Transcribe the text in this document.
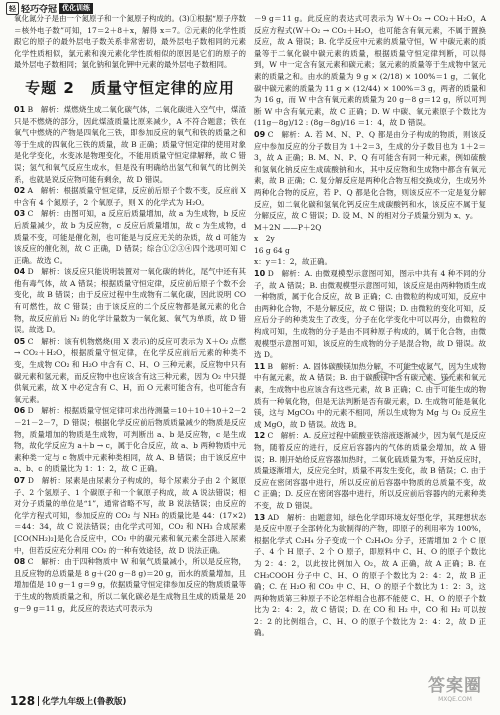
轻 轻巧夺冠 优化训练

氧化氮分子是由一个氮原子和一个氮原子构成的。(3)①根据“原子序数＝核外电子数”可知，17＝2＋8＋x，解得 x＝7。②元素的化学性质跟它的原子的最外层电子数关系非常密切，最外层电子数相同的元素化学性质相似，氯元素和溴元素化学性质相似的原因是它们的原子的最外层电子数相同；氯化钠和氯化钾中元素的最外层电子数相同。

专题 2　质量守恒定律的应用

01 B　解析：煤燃烧生成二氧化碳气体，二氧化碳进入空气中，煤渣只是不燃烧的部分，因此煤渣质量比原来减少，A 不符合题意；铁在氧气中燃烧的产物是四氧化三铁，即参加反应的氧气和铁的质量之和等于生成的四氧化三铁的质量，故 B 正确；质量守恒定律的使用对象是化学变化，水变冰是物理变化，不能用质量守恒定律解释，故 C 错误；氢气和氧气反应生成水，但是没有明确给出氢气和氧气的比例关系，也就是说反应物可能有剩余，故 D 错误。

02 A　解析：根据质量守恒定律，反应前后原子个数不变，反应前 X 中含有 4 个氮原子，2 个氧原子，则 X 的化学式为 H₂O。

03 C　解析：由图可知，a 反应后质量增加，故 a 为生成物，b 反应后质量减少，故 b 为反应物，c 反应后质量增加，故 c 为生成物，d 质量不变，可能是催化剂，也可能是与反应无关的杂质，故 d 可能为该反应的催化剂，故 C 正确，D 错误；综合①②③④四个选项可知 C 正确。故选 C。

04 D　解析：该反应只能说明装置对一氧化碳的转化，尾气中还有其他有毒气体，故 A 错误；根据质量守恒定律，反应前后原子个数不会变化，故 B 错误；由于反应过程中生成物有二氧化碳，因此说明 CO 有可燃性，故 C 错误；由于该反应的二个反应物都是氮元素的化合物，故反应前后 N₂ 的化学计量数为一氧化氮、氧气为单质，故 D 错误。故选 D。

05 C　解析：该有机物燃烧(用 X 表示)的反应可表示为 X＋O₂ 点燃→ CO₂＋H₂O，根据质量守恒定律，在化学反应前后元素的种类不变，生成物 CO₂ 和 H₂O 中含有 C、H、O 三种元素，反应物中只有碳元素和氢元素，而反应物中也应该含有这三种元素，因为 O₂ 中只提供氧元素，故 X 中必定含有 C、H，而 O 元素可能含有，也可能含有氧元素。

06 D　解析：根据质量守恒定律可求出待测量＝10＋10＋10＋2－2－21－2－7，D 错误；根据化学反应前后物质质量减少的物质是反应物，质量增加的物质是生成物，可判断出 a、b 是反应物，c 是生成物，故化学反应为 a＋b → c，属于化合反应，故 a、b 两种物质中元素种类一定与 c 物质中元素种类相同，故 A、B 错误；由于该反应中 a、b、c 的质量比为 1：1：2，故 C 正确。

07 D　解析：尿素是由尿素分子构成的，每个尿素分子由 2 个氮原子、2 个氢原子、1 个碳原子和一个氧原子构成，故 A 说法错误；相对分子质量的单位是“1”，通常省略不写，故 B 说法错误；由反应的化学方程式可知，参加反应的 CO₂ 与 NH₃ 的质量比是 44：(17×2)＝44：34，故 C 说法错误；由化学式可知，CO₂ 和 NH₃ 合成尿素[CO(NH₂)₂]是化合反应中，CO₂ 中的碳元素和氧元素全部进入尿素中，但若反应充分利用 CO₂ 的一种有效途径，故 D 说法正确。

08 C　解析：由于四种物质中 W 和氧气质量减小，所以是反应物，且反应物的总质量是 8 g＋(20 g－8 g)＝20 g，而水的质量增加，且增加值是 10 g－1 g＝9 g，依据质量守恒定律参加反应的物质质量等于生成的物质质量之和，所以二氧化碳必是生成物且生成的质量是 20 g－9 g＝11 g，此反应的表达式可表示为

－9 g＝11 g。此反应的表达式可表示为 W＋O₂ → CO₂＋H₂O，A 反应方程式(W＋O₂ → CO₂＋H₂O，也可能含有氧元素，不属于置换反应，故 A 错误；B. 化学反应中元素的质量守恒，W 中碳元素的质量等于二氧化碳中碳元素的质量，根据质量守恒定律判断，可以得到，W 中一定含有氢元素和碳元素；氢元素的质量等于生成物中氢元素的质量之和。由水的质量为 9 g × (2/18) × 100%＝1 g，二氧化碳中碳元素的质量为 11 g × (12/44) × 100%＝3 g，两者的质量和为 16 g，而 W 中含有氧元素的质量为 20 g－8 g＝12 g，所以可判断 W 中含有氧元素，故 C 正确；D. W 中碳、氧元素原子个数比为 (11g－8g)/12 : (8g－8g)/16 ＝1：4，故 D 错误。

09 C　解析：A. 若 M、N、P、Q 都是由分子构成的物质，则该反应中参加反应的分子数目为 1＋2＝3，生成的分子数目也为 1＋2＝3，故 A 正确；B. M、N、P、Q 有可能含有同一种元素，例如硫酸和氢氧化钠反应生成硫酸钠和水，其中反应物和生成物中都含有氧元素，故 B 正确；C. 复分解反应是两种化合物互相交换成分，生成另外两种化合物的反应，若 P、Q 都是化合物，则该反应不一定是复分解反应，如二氧化碳和氢氧化钙反应生成碳酸钙和水，该反应不属于复分解反应，故 C 错误；D. 设 M、N 的相对分子质量分别为 x、y。

M＋2N ——P＋2Q

x　2y

16 g 64 g

x：y＝1：2，故正确。

10 D　解析：A. 由微观模型示意图可知，图示中共有 4 种不同的分子，故 A 错误；B. 由微观模型示意图可知，该反应是由两种物质生成一种物质，属于化合反应，故 B 正确；C. 由微粒的构成可知，反应中由两种化合物，不是分解反应，故 C 错误；D. 由微粒的变化可知，反应后分子的种类发生了改变，分子在化学变化中可以再分，由微粒的构成可知，生成物的分子是由不同种原子构成的，属于化合物，由微观模型示意图可知，该反应的生成物的分子是混合物，故 D 错误。故选 D。

11 B　解析：A. 固体碳酸镁加热分解，不可能生成氮气，因为生成物中有氮元素，故 A 错误；B. 由于碳酸镁中含有碳元素、镁元素和氧元素，生成物中也应该含有这些元素，故 B 正确；C. 由于可能生成的物质有一种氧化物，但是无法判断是否有碳元素，D. 生成物可能是氧化镁，这与 MgCO₃ 中的元素不相同，所以生成物为 Mg 与 O₂ 反应生成 MgO，故 D 错误。故选 B。

12 C　解析：A. 反应过程中硫酸亚铁溶液逐渐减少，因为氧气是反应物，随着反应的进行，反应后容器内的气体的质量会增加，故 A 错误；B. 刚开始给反应容器加热时，二氧化硫质量为零，开始反应时，质量逐渐增大，反应完全时，质量不再发生变化，故 B 错误；C. 由于反应在密闭容器中进行，所以反应前后容器中物质的总质量不变，故 C 正确；D. 反应在密闭容器中进行，所以反应前后容器内的元素种类不变，故 D 错误。

13 AD　解析：由题意知，绿色化学即环境友好型化学，其理想状态是反应中原子全部转化为欲制得的产物，即原子的利用率为 100%，根据化学式 C₂H₄ 分子变成一个 C₂H₄O₂ 分子，还需增加 2 个 C 原子、4 个 H 原子、2 个 O 原子，即原料中 C、H、O 的原子个数比为 2：4：2，以此按比例加入 O₂，故 A 正确，故 A 正确；B. 在 CH₃COOH 分子中 C、H、O 的原子个数比为 2：4：2，故 B 正确；C. 在 H₂O 和 CO₂ 中 C、H、O 的原子个数比为 1：2：3，这两种物质第三种原子不论怎样组合也都不能使 C、H、O 的原子个数比为 2：4：2，故 C 错误；D. 在 CO 和 H₂ 中，CO 和 H₂ 可以按 2：2 的比例组合，C、H、O 的原子个数比为 2：4：2，故 D 正确。

128 化学九年级上(鲁教版)
答案圈
MXQE.COM
